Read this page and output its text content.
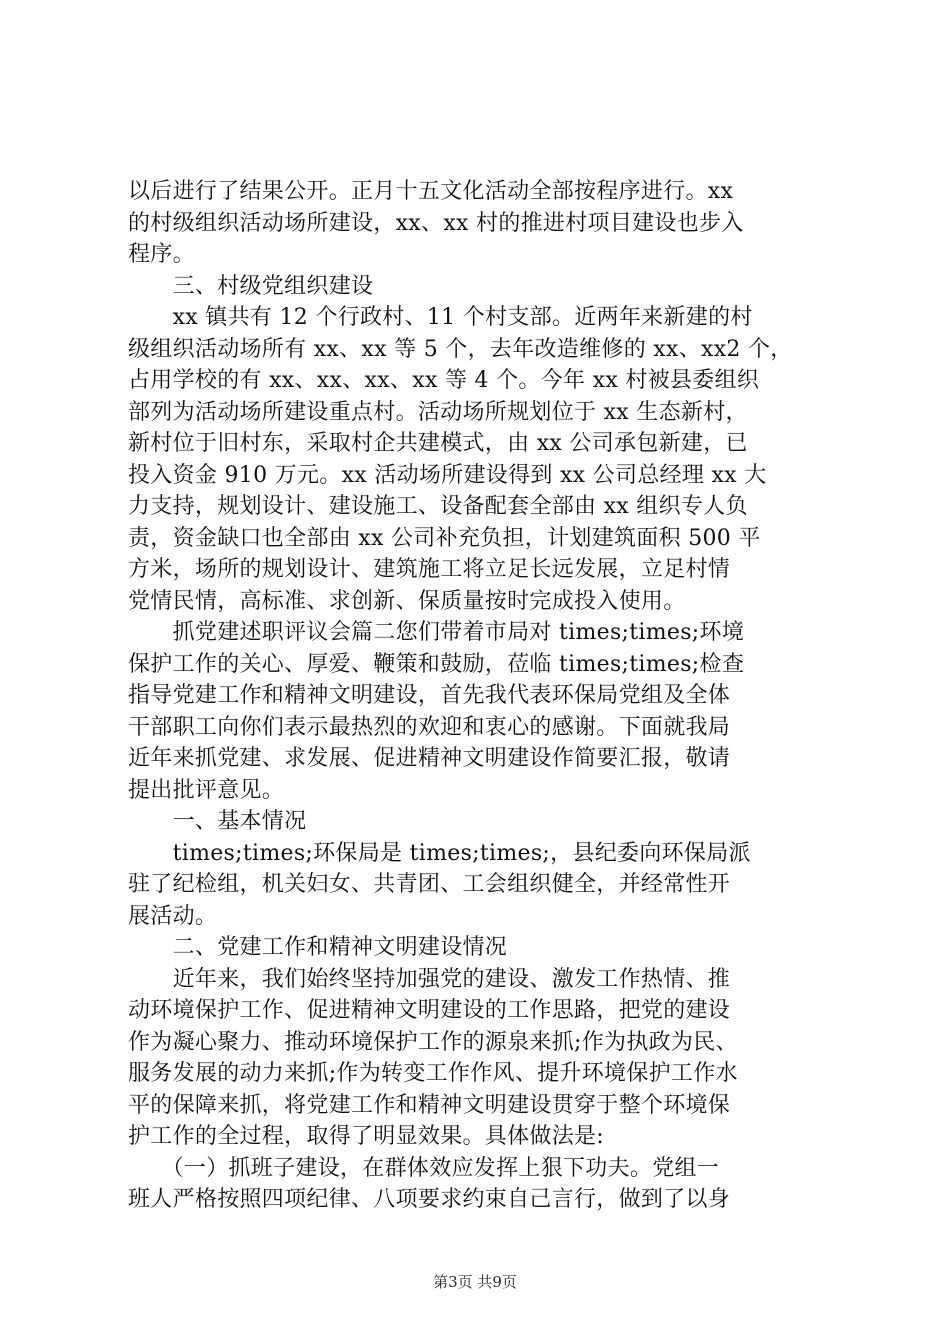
以后进行了结果公开。正月十五文化活动全部按程序进行。xx
的村级组织活动场所建设，xx、xx 村的推进村项目建设也步入
程序。
　　三、村级党组织建设
　　xx 镇共有 12 个行政村、11 个村支部。近两年来新建的村
级组织活动场所有 xx、xx 等 5 个，去年改造维修的 xx、xx2 个，
占用学校的有 xx、xx、xx、xx 等 4 个。今年 xx 村被县委组织
部列为活动场所建设重点村。活动场所规划位于 xx 生态新村，
新村位于旧村东，采取村企共建模式，由 xx 公司承包新建，已
投入资金 910 万元。xx 活动场所建设得到 xx 公司总经理 xx 大
力支持，规划设计、建设施工、设备配套全部由 xx 组织专人负
责，资金缺口也全部由 xx 公司补充负担，计划建筑面积 500 平
方米，场所的规划设计、建筑施工将立足长远发展，立足村情
党情民情，高标准、求创新、保质量按时完成投入使用。
　　抓党建述职评议会篇二您们带着市局对 times;times;环境
保护工作的关心、厚爱、鞭策和鼓励，莅临 times;times;检查
指导党建工作和精神文明建设，首先我代表环保局党组及全体
干部职工向你们表示最热烈的欢迎和衷心的感谢。下面就我局
近年来抓党建、求发展、促进精神文明建设作简要汇报，敬请
提出批评意见。
　　一、基本情况
　　times;times;环保局是 times;times;，县纪委向环保局派
驻了纪检组，机关妇女、共青团、工会组织健全，并经常性开
展活动。
　　二、党建工作和精神文明建设情况
　　近年来，我们始终坚持加强党的建设、激发工作热情、推
动环境保护工作、促进精神文明建设的工作思路，把党的建设
作为凝心聚力、推动环境保护工作的源泉来抓;作为执政为民、
服务发展的动力来抓;作为转变工作作风、提升环境保护工作水
平的保障来抓，将党建工作和精神文明建设贯穿于整个环境保
护工作的全过程，取得了明显效果。具体做法是:
　　（一）抓班子建设，在群体效应发挥上狠下功夫。党组一
班人严格按照四项纪律、八项要求约束自己言行，做到了以身
第3页 共9页
